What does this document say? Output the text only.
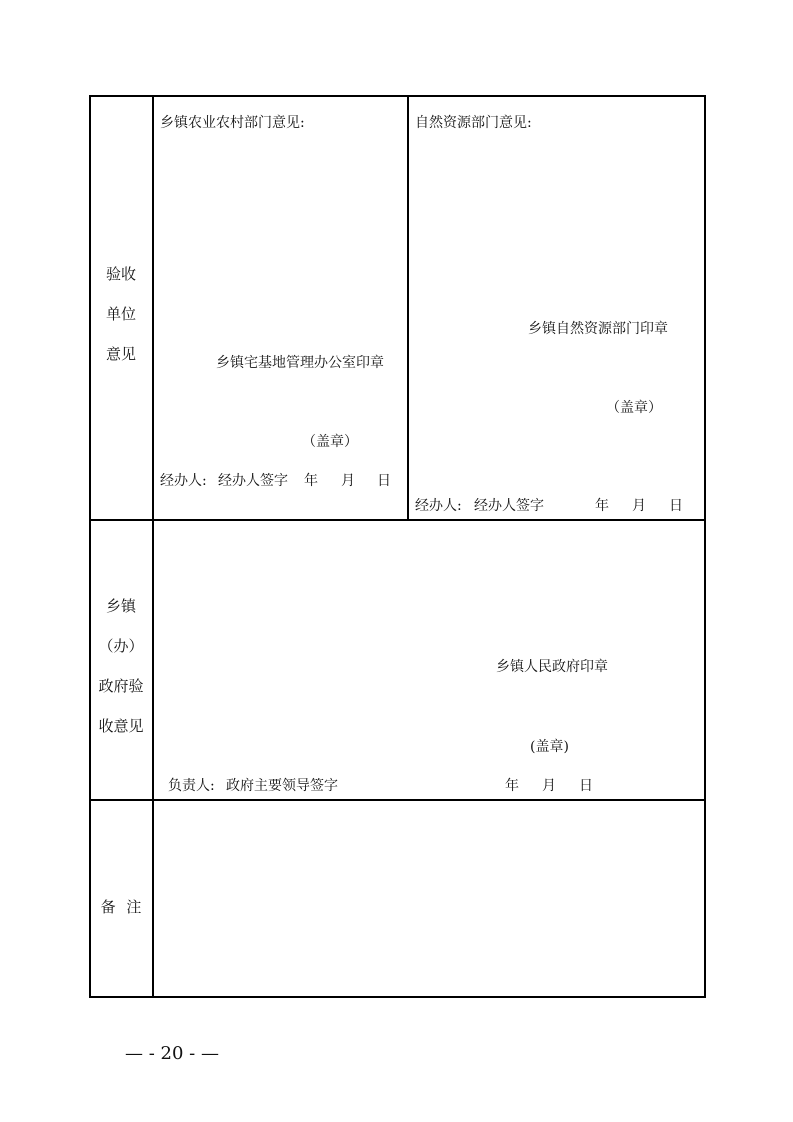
验收
单位
意见
乡镇农业农村部门意见:
乡镇宅基地管理办公室印章
（盖章）
经办人: 经办人签字 年 月 日
自然资源部门意见:
乡镇自然资源部门印章
（盖章）
经办人: 经办人签字	年 月 日
乡镇
（办）
政府验
收意见
乡镇人民政府印章
(盖章)
负责人: 政府主要领导签字	年 月 日
备 注
— - 20 - —
